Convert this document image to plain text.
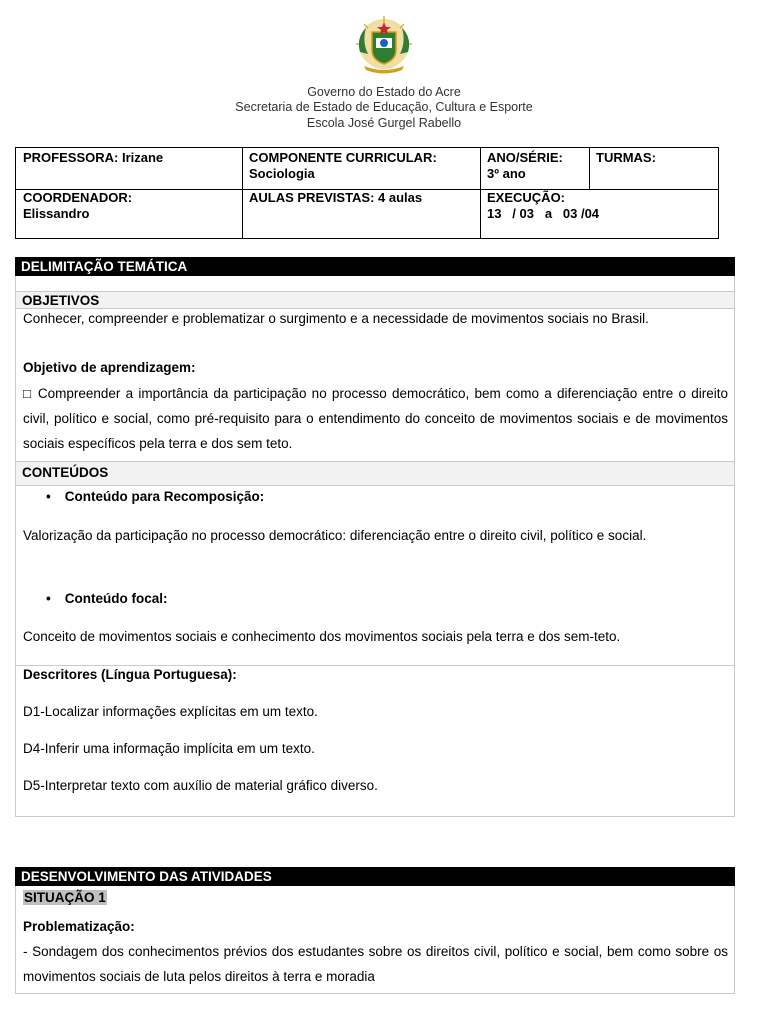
Governo do Estado do Acre
Secretaria de Estado de Educação, Cultura e Esporte
Escola José Gurgel Rabello
PROFESSORA: Irizane	COMPONENTE CURRICULAR:
Sociologia
ANO/SÉRIE:
3º ano
TURMAS:
COORDENADOR:
Elissandro
AULAS PREVISTAS: 4 aulas	EXECUÇÃO:
13   / 03   a   03 /04
DELIMITAÇÃO TEMÁTICA
OBJETIVOS
Conhecer, compreender e problematizar o surgimento e a necessidade de movimentos sociais no Brasil.
Objetivo de aprendizagem:
□ Compreender a importância da participação no processo democrático, bem como a diferenciação entre o direito civil, político e social, como pré-requisito para o entendimento do conceito de movimentos sociais e de movimentos sociais específicos pela terra e dos sem teto.
CONTEÚDOS
• Conteúdo para Recomposição:
Valorização da participação no processo democrático: diferenciação entre o direito civil, político e social.
• Conteúdo focal:
Conceito de movimentos sociais e conhecimento dos movimentos sociais pela terra e dos sem-teto.
Descritores (Língua Portuguesa):
D1-Localizar informações explícitas em um texto.
D4-Inferir uma informação implícita em um texto.
D5-Interpretar texto com auxílio de material gráfico diverso.
DESENVOLVIMENTO DAS ATIVIDADES
SITUAÇÃO 1
Problematização:
- Sondagem dos conhecimentos prévios dos estudantes sobre os direitos civil, político e social, bem como sobre os movimentos sociais de luta pelos direitos à terra e moradia
